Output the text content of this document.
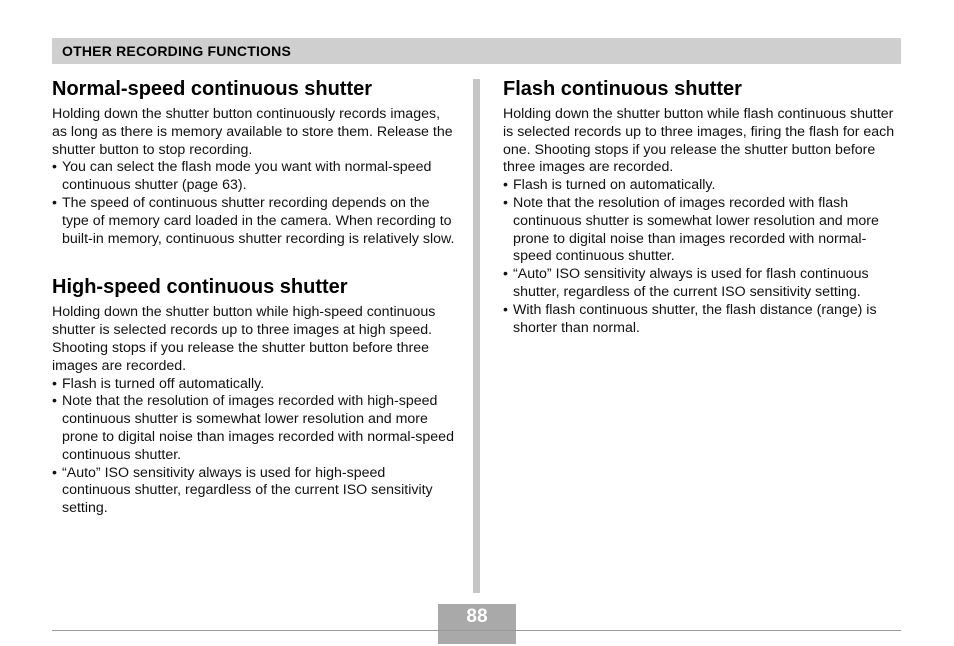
OTHER RECORDING FUNCTIONS
Normal-speed continuous shutter

Holding down the shutter button continuously records images, as long as there is memory available to store them. Release the shutter button to stop recording.

• You can select the flash mode you want with normal-speed continuous shutter (page 63).
• The speed of continuous shutter recording depends on the type of memory card loaded in the camera. When recording to built-in memory, continuous shutter recording is relatively slow.
High-speed continuous shutter

Holding down the shutter button while high-speed continuous shutter is selected records up to three images at high speed. Shooting stops if you release the shutter button before three images are recorded.

• Flash is turned off automatically.
• Note that the resolution of images recorded with high-speed continuous shutter is somewhat lower resolution and more prone to digital noise than images recorded with normal-speed continuous shutter.
• “Auto” ISO sensitivity always is used for high-speed continuous shutter, regardless of the current ISO sensitivity setting.
Flash continuous shutter

Holding down the shutter button while flash continuous shutter is selected records up to three images, firing the flash for each one. Shooting stops if you release the shutter button before three images are recorded.

• Flash is turned on automatically.
• Note that the resolution of images recorded with flash continuous shutter is somewhat lower resolution and more prone to digital noise than images recorded with normal-speed continuous shutter.
• “Auto” ISO sensitivity always is used for flash continuous shutter, regardless of the current ISO sensitivity setting.
• With flash continuous shutter, the flash distance (range) is shorter than normal.
88
